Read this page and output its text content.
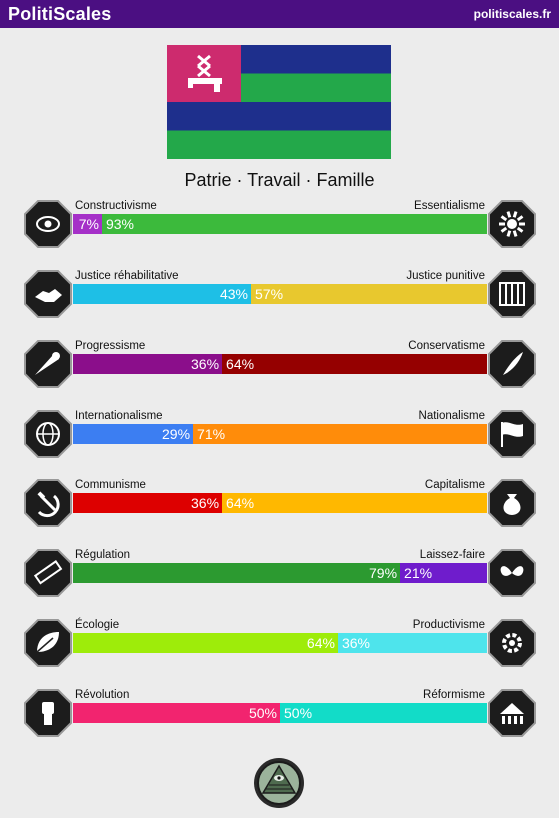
PolitiScales	politiscales.fr
Patrie · Travail · Famille
Constructivisme	Essentialisme
7% 93%
Justice réhabilitative	Justice punitive
43% 57%
Progressisme	Conservatisme
36% 64%
Internationalisme	Nationalisme
29% 71%
Communisme	Capitalisme
36% 64%
Régulation	Laissez-faire
79% 21%
Écologie	Productivisme
64% 36%
Révolution	Réformisme
50% 50%
